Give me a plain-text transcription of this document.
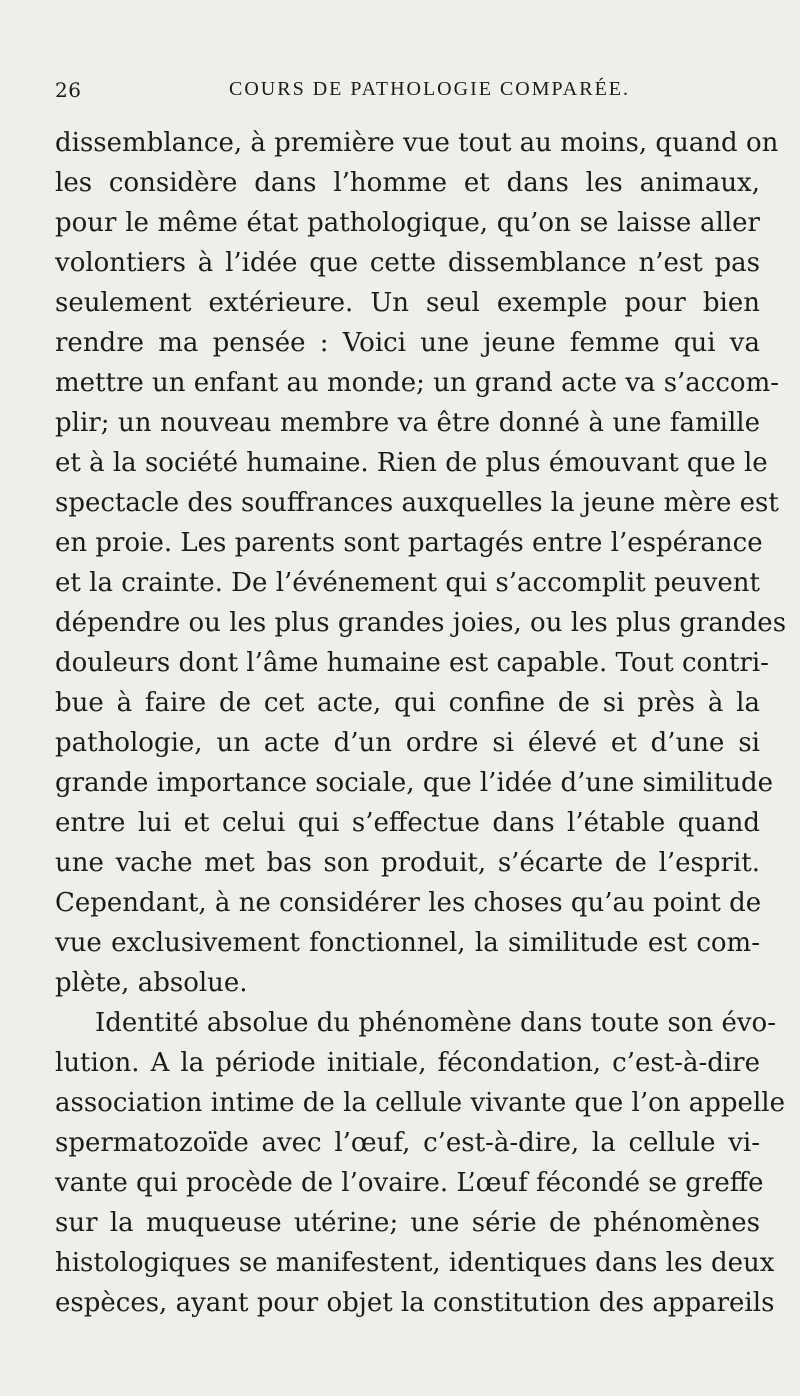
26	COURS DE PATHOLOGIE COMPARÉE.
dissemblance, à première vue tout au moins, quand on
les considère dans l’homme et dans les animaux,
pour le même état pathologique, qu’on se laisse aller
volontiers à l’idée que cette dissemblance n’est pas
seulement extérieure. Un seul exemple pour bien
rendre ma pensée : Voici une jeune femme qui va
mettre un enfant au monde; un grand acte va s’accom-
plir; un nouveau membre va être donné à une famille
et à la société humaine. Rien de plus émouvant que le
spectacle des souffrances auxquelles la jeune mère est
en proie. Les parents sont partagés entre l’espérance
et la crainte. De l’événement qui s’accomplit peuvent
dépendre ou les plus grandes joies, ou les plus grandes
douleurs dont l’âme humaine est capable. Tout contri-
bue à faire de cet acte, qui confine de si près à la
pathologie, un acte d’un ordre si élevé et d’une si
grande importance sociale, que l’idée d’une similitude
entre lui et celui qui s’effectue dans l’étable quand
une vache met bas son produit, s’écarte de l’esprit.
Cependant, à ne considérer les choses qu’au point de
vue exclusivement fonctionnel, la similitude est com-
plète, absolue.
Identité absolue du phénomène dans toute son évo-
lution. A la période initiale, fécondation, c’est-à-dire
association intime de la cellule vivante que l’on appelle
spermatozoïde avec l’œuf, c’est-à-dire, la cellule vi-
vante qui procède de l’ovaire. L’œuf fécondé se greffe
sur la muqueuse utérine; une série de phénomènes
histologiques se manifestent, identiques dans les deux
espèces, ayant pour objet la constitution des appareils
